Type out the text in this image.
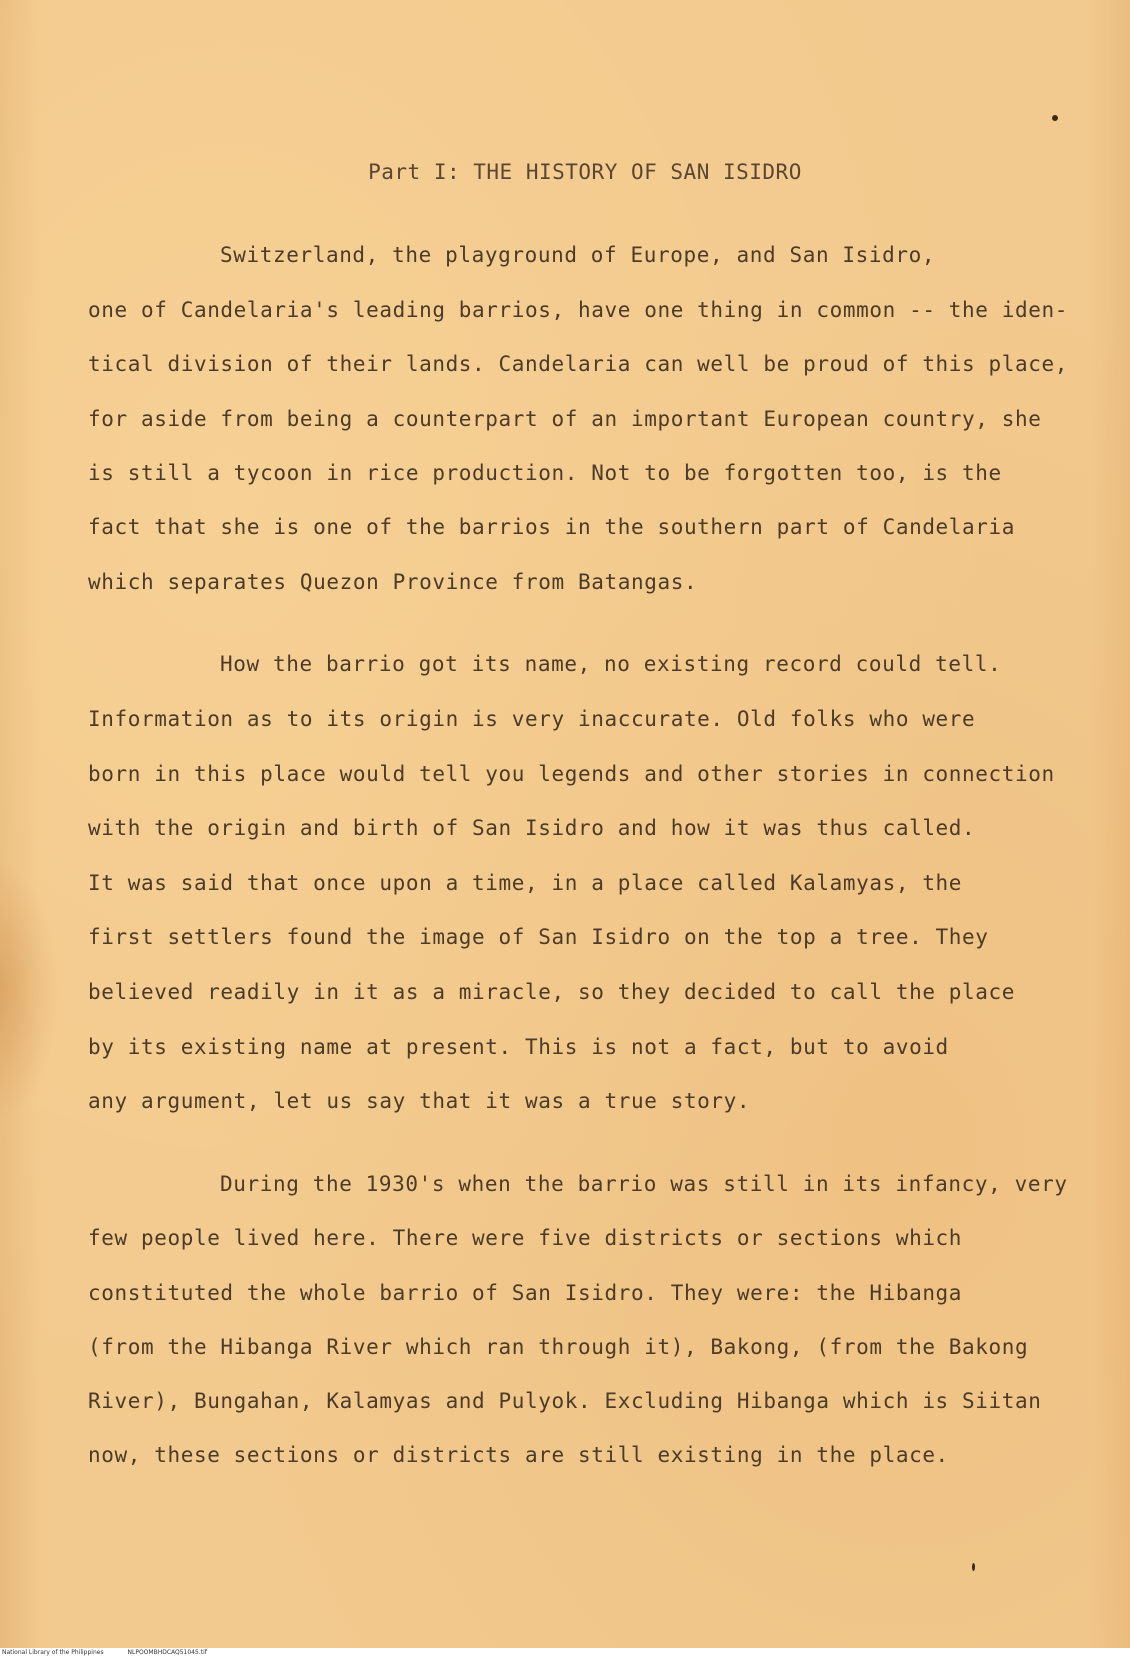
Part I: THE HISTORY OF SAN ISIDRO
Switzerland, the playground of Europe, and San Isidro,
one of Candelaria's leading barrios, have one thing in common -- the iden-
tical division of their lands. Candelaria can well be proud of this place,
for aside from being a counterpart of an important European country, she
is still a tycoon in rice production. Not to be forgotten too, is the
fact that she is one of the barrios in the southern part of Candelaria
which separates Quezon Province from Batangas.
How the barrio got its name, no existing record could tell.
Information as to its origin is very inaccurate. Old folks who were
born in this place would tell you legends and other stories in connection
with the origin and birth of San Isidro and how it was thus called.
It was said that once upon a time, in a place called Kalamyas, the
first settlers found the image of San Isidro on the top a tree. They
believed readily in it as a miracle, so they decided to call the place
by its existing name at present. This is not a fact, but to avoid
any argument, let us say that it was a true story.
During the 1930's when the barrio was still in its infancy, very
few people lived here. There were five districts or sections which
constituted the whole barrio of San Isidro. They were: the Hibanga
(from the Hibanga River which ran through it), Bakong, (from the Bakong
River), Bungahan, Kalamyas and Pulyok. Excluding Hibanga which is Siitan
now, these sections or districts are still existing in the place.
National Library of the Philippines	NLPOOMBHDCAQ51045.tif
